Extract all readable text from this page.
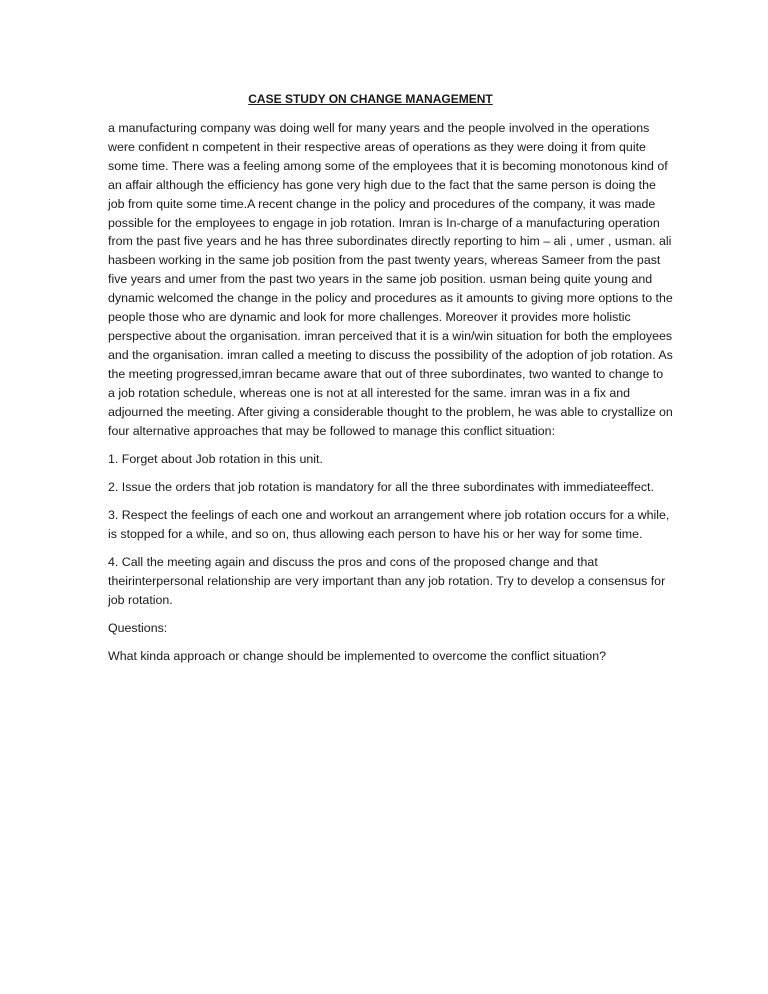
CASE STUDY ON CHANGE MANAGEMENT

a manufacturing company was doing well for many years and the people involved in the operations were confident n competent in their respective areas of operations as they were doing it from quite some time. There was a feeling among some of the employees that it is becoming monotonous kind of an affair although the efficiency has gone very high due to the fact that the same person is doing the job from quite some time.A recent change in the policy and procedures of the company, it was made possible for the employees to engage in job rotation. Imran is In-charge of a manufacturing operation from the past five years and he has three subordinates directly reporting to him – ali , umer , usman. ali hasbeen working in the same job position from the past twenty years, whereas Sameer from the past five years and umer from the past two years in the same job position. usman being quite young and dynamic welcomed the change in the policy and procedures as it amounts to giving more options to the people those who are dynamic and look for more challenges. Moreover it provides more holistic perspective about the organisation. imran perceived that it is a win/win situation for both the employees and the organisation. imran called a meeting to discuss the possibility of the adoption of job rotation. As the meeting progressed,imran became aware that out of three subordinates, two wanted to change to a job rotation schedule, whereas one is not at all interested for the same. imran was in a fix and adjourned the meeting. After giving a considerable thought to the problem, he was able to crystallize on four alternative approaches that may be followed to manage this conflict situation:

1. Forget about Job rotation in this unit.

2. Issue the orders that job rotation is mandatory for all the three subordinates with immediateeffect.

3. Respect the feelings of each one and workout an arrangement where job rotation occurs for a while, is stopped for a while, and so on, thus allowing each person to have his or her way for some time.

4. Call the meeting again and discuss the pros and cons of the proposed change and that theirinterpersonal relationship are very important than any job rotation. Try to develop a consensus for job rotation.

Questions:

What kinda approach or change should be implemented to overcome the conflict situation?
